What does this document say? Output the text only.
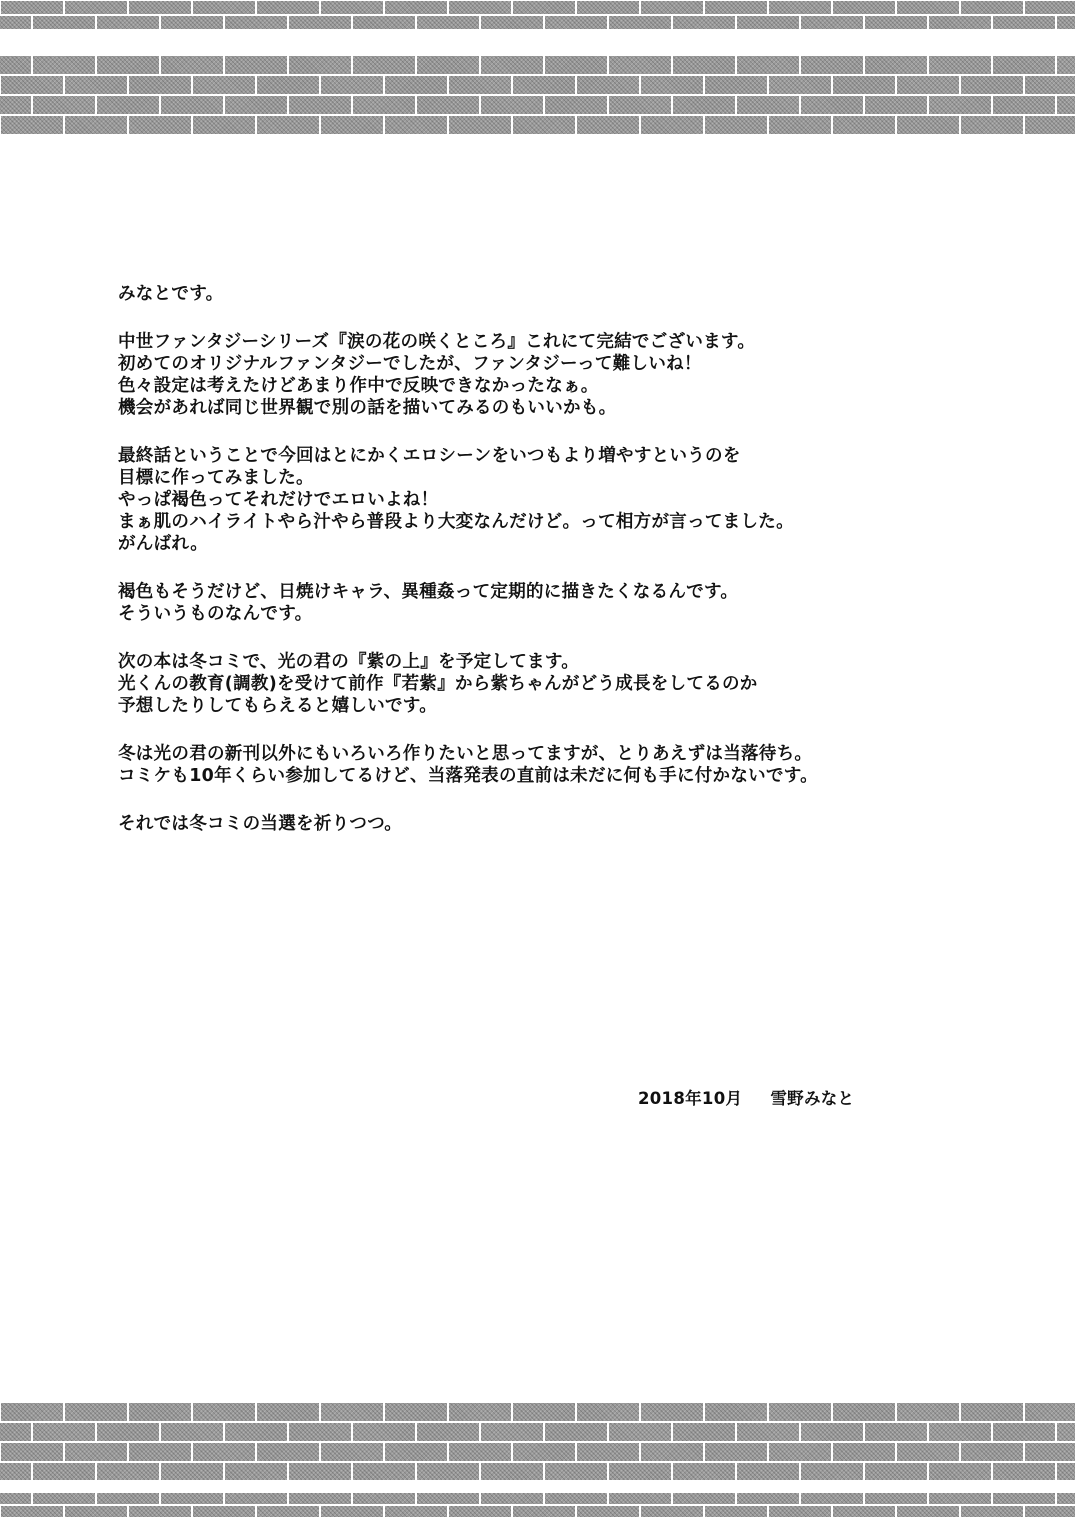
みなとです。

中世ファンタジーシリーズ『涙の花の咲くところ』これにて完結でございます。
初めてのオリジナルファンタジーでしたが、ファンタジーって難しいね！
色々設定は考えたけどあまり作中で反映できなかったなぁ。
機会があれば同じ世界観で別の話を描いてみるのもいいかも。

最終話ということで今回はとにかくエロシーンをいつもより増やすというのを
目標に作ってみました。
やっぱ褐色ってそれだけでエロいよね！
まぁ肌のハイライトやら汁やら普段より大変なんだけど。って相方が言ってました。
がんばれ。

褐色もそうだけど、日焼けキャラ、異種姦って定期的に描きたくなるんです。
そういうものなんです。

次の本は冬コミで、光の君の『紫の上』を予定してます。
光くんの教育(調教)を受けて前作『若紫』から紫ちゃんがどう成長をしてるのか
予想したりしてもらえると嬉しいです。

冬は光の君の新刊以外にもいろいろ作りたいと思ってますが、とりあえずは当落待ち。
コミケも10年くらい参加してるけど、当落発表の直前は未だに何も手に付かないです。

それでは冬コミの当選を祈りつつ。

2018年10月 雪野みなと
